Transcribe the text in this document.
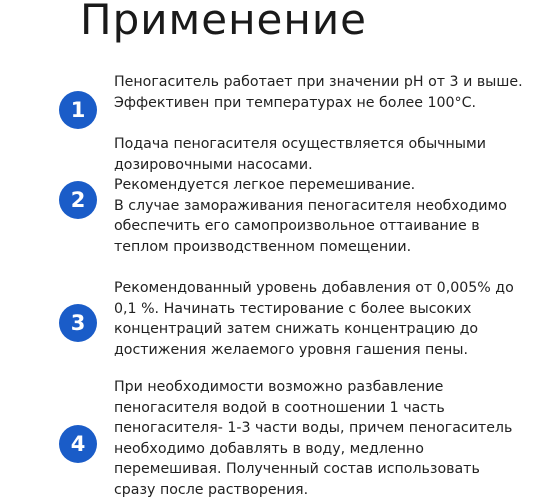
Применение
1
Пеногаситель работает при значении pH от 3 и выше.
Эффективен при температурах не более 100°С.
2
Подача пеногасителя осуществляется обычными
дозировочными насосами.
Рекомендуется легкое перемешивание.
В случае замораживания пеногасителя необходимо
обеспечить его самопроизвольное оттаивание в
теплом производственном помещении.
3
Рекомендованный уровень добавления от 0,005% до
0,1 %. Начинать тестирование с более высоких
концентраций затем снижать концентрацию до
достижения желаемого уровня гашения пены.
4
При необходимости возможно разбавление
пеногасителя водой в соотношении 1 часть
пеногасителя- 1-3 части воды, причем пеногаситель
необходимо добавлять в воду, медленно
перемешивая. Полученный состав использовать
сразу после растворения.
